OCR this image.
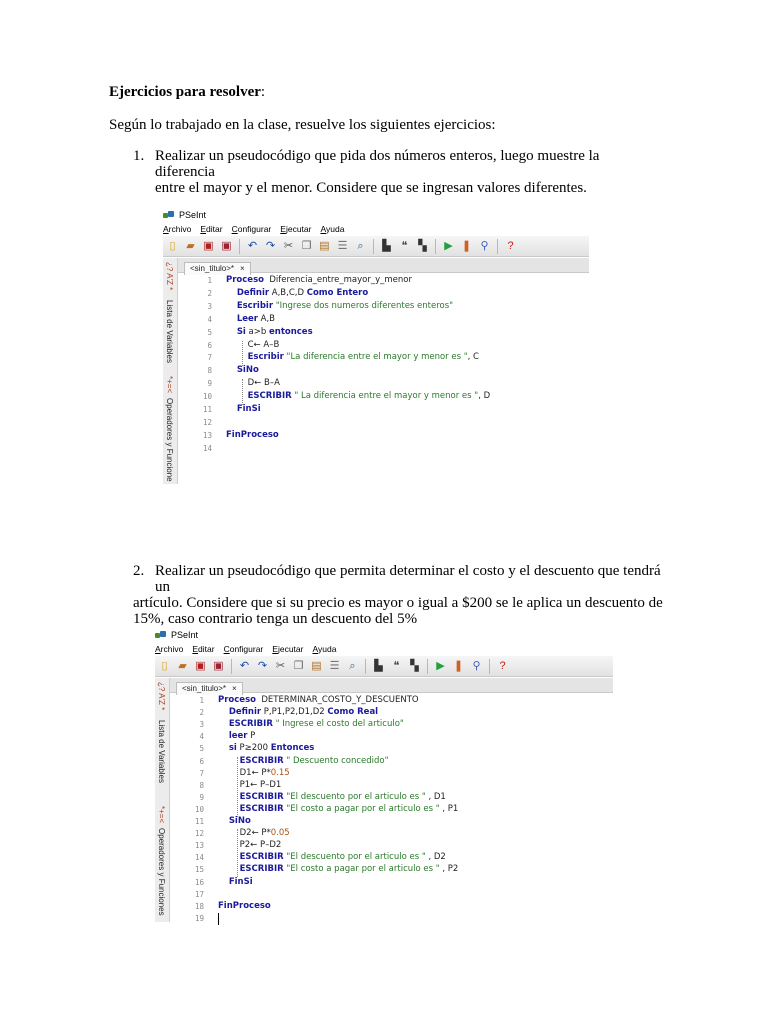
Ejercicios para resolver:
Según lo trabajado en la clase, resuelve los siguientes ejercicios:
1. Realizar un pseudocódigo que pida dos números enteros, luego muestre la diferencia
entre el mayor y el menor. Considere que se ingresan valores diferentes.
2. Realizar un pseudocódigo que permita determinar el costo y el descuento que tendrá un
artículo. Considere que si su precio es mayor o igual a $200 se le aplica un descuento de
15%, caso contrario tenga un descuento del 5%
PSeInt
Archivo Editar Configurar Ejecutar Ayuda
▯ ▰ ▣ ▣ ↶ ↷ ✂ ❐ ▤ ☰ ⌕	▙ ❝ ▚ ▶ ❚ ⚲	?
¿? A'Z *
Lista de Variables
*+=<
Operadores y Funcione
<sin_titulo>* ×
1 Proceso  Diferencia_entre_mayor_y_menor
2	Definir A,B,C,D Como Entero
3	Escribir "Ingrese dos numeros diferentes enteros"
4	Leer A,B
5	Si a>b entonces
6 C← A–B
7	Escribir "La diferencia entre el mayor y menor es ", C
8	SiNo
9 D← B–A
10	ESCRIBIR " La diferencia entre el mayor y menor es ", D
11	FinSi
12
13 FinProceso
14
PSeInt
Archivo Editar Configurar Ejecutar Ayuda
▯ ▰ ▣ ▣ ↶ ↷ ✂ ❐ ▤ ☰ ⌕	▙ ❝ ▚ ▶ ❚ ⚲	?
¿? A'Z *
Lista de Variables
*+=<
Operadores y Funciones
<sin_titulo>* ×
1 Proceso  DETERMINAR_COSTO_Y_DESCUENTO
2	Definir P,P1,P2,D1,D2 Como Real
3	ESCRIBIR " Ingrese el costo del articulo"
4	leer P
5	si P≥200 Entonces
6	ESCRIBIR " Descuento concedido"
7 D1← P*0.15
8 P1← P–D1
9	ESCRIBIR "El descuento por el articulo es " , D1
10	ESCRIBIR "El costo a pagar por el articulo es " , P1
11	SiNo
12 D2← P*0.05
13 P2← P–D2
14	ESCRIBIR "El descuento por el articulo es " , D2
15	ESCRIBIR "El costo a pagar por el articulo es " , P2
16	FinSi
17
18 FinProceso
19
